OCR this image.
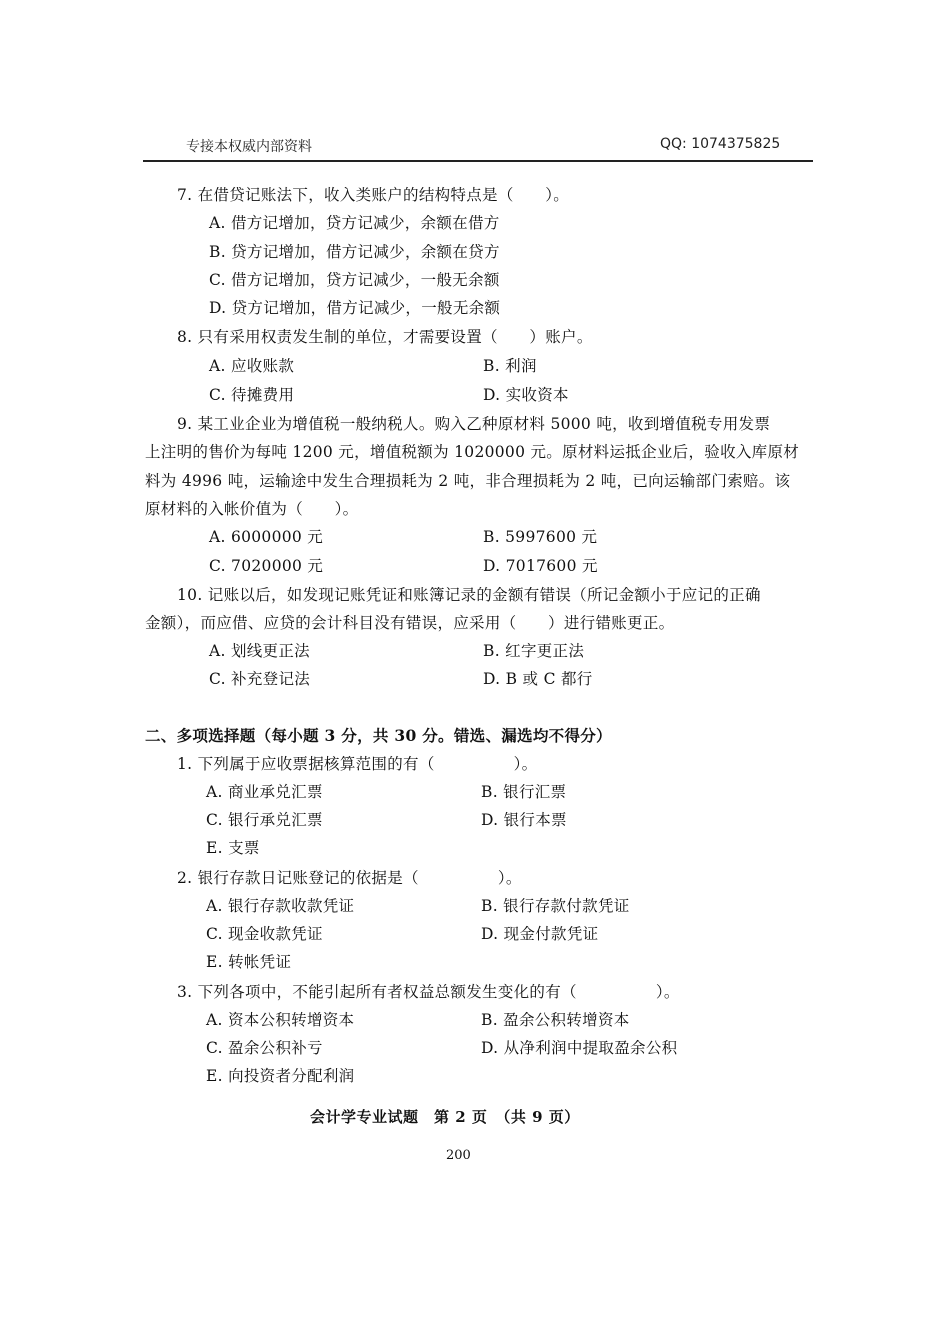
专接本权威内部资料	QQ: 1074375825
7. 在借贷记账法下，收入类账户的结构特点是（　　）。
A. 借方记增加，贷方记减少，余额在借方
B. 贷方记增加，借方记减少，余额在贷方
C. 借方记增加，贷方记减少，一般无余额
D. 贷方记增加，借方记减少，一般无余额
8. 只有采用权责发生制的单位，才需要设置（　　）账户。
A. 应收账款	B. 利润
C. 待摊费用	D. 实收资本
9. 某工业企业为增值税一般纳税人。购入乙种原材料 5000 吨，收到增值税专用发票
上注明的售价为每吨 1200 元，增值税额为 1020000 元。原材料运抵企业后，验收入库原材
料为 4996 吨，运输途中发生合理损耗为 2 吨，非合理损耗为 2 吨，已向运输部门索赔。该
原材料的入帐价值为（　　）。
A. 6000000 元	B. 5997600 元
C. 7020000 元	D. 7017600 元
10. 记账以后，如发现记账凭证和账簿记录的金额有错误（所记金额小于应记的正确
金额），而应借、应贷的会计科目没有错误，应采用（　　）进行错账更正。
A. 划线更正法	B. 红字更正法
C. 补充登记法	D. B 或 C 都行
二、多项选择题（每小题 3 分，共 30 分。错选、漏选均不得分）
1. 下列属于应收票据核算范围的有（　　　　　）。
A. 商业承兑汇票	B. 银行汇票
C. 银行承兑汇票	D. 银行本票
E. 支票
2. 银行存款日记账登记的依据是（　　　　　）。
A. 银行存款收款凭证	B. 银行存款付款凭证
C. 现金收款凭证	D. 现金付款凭证
E. 转帐凭证
3. 下列各项中，不能引起所有者权益总额发生变化的有（　　　　　）。
A. 资本公积转增资本	B. 盈余公积转增资本
C. 盈余公积补亏	D. 从净利润中提取盈余公积
E. 向投资者分配利润
会计学专业试题　第 2 页　（共 9 页）
200
